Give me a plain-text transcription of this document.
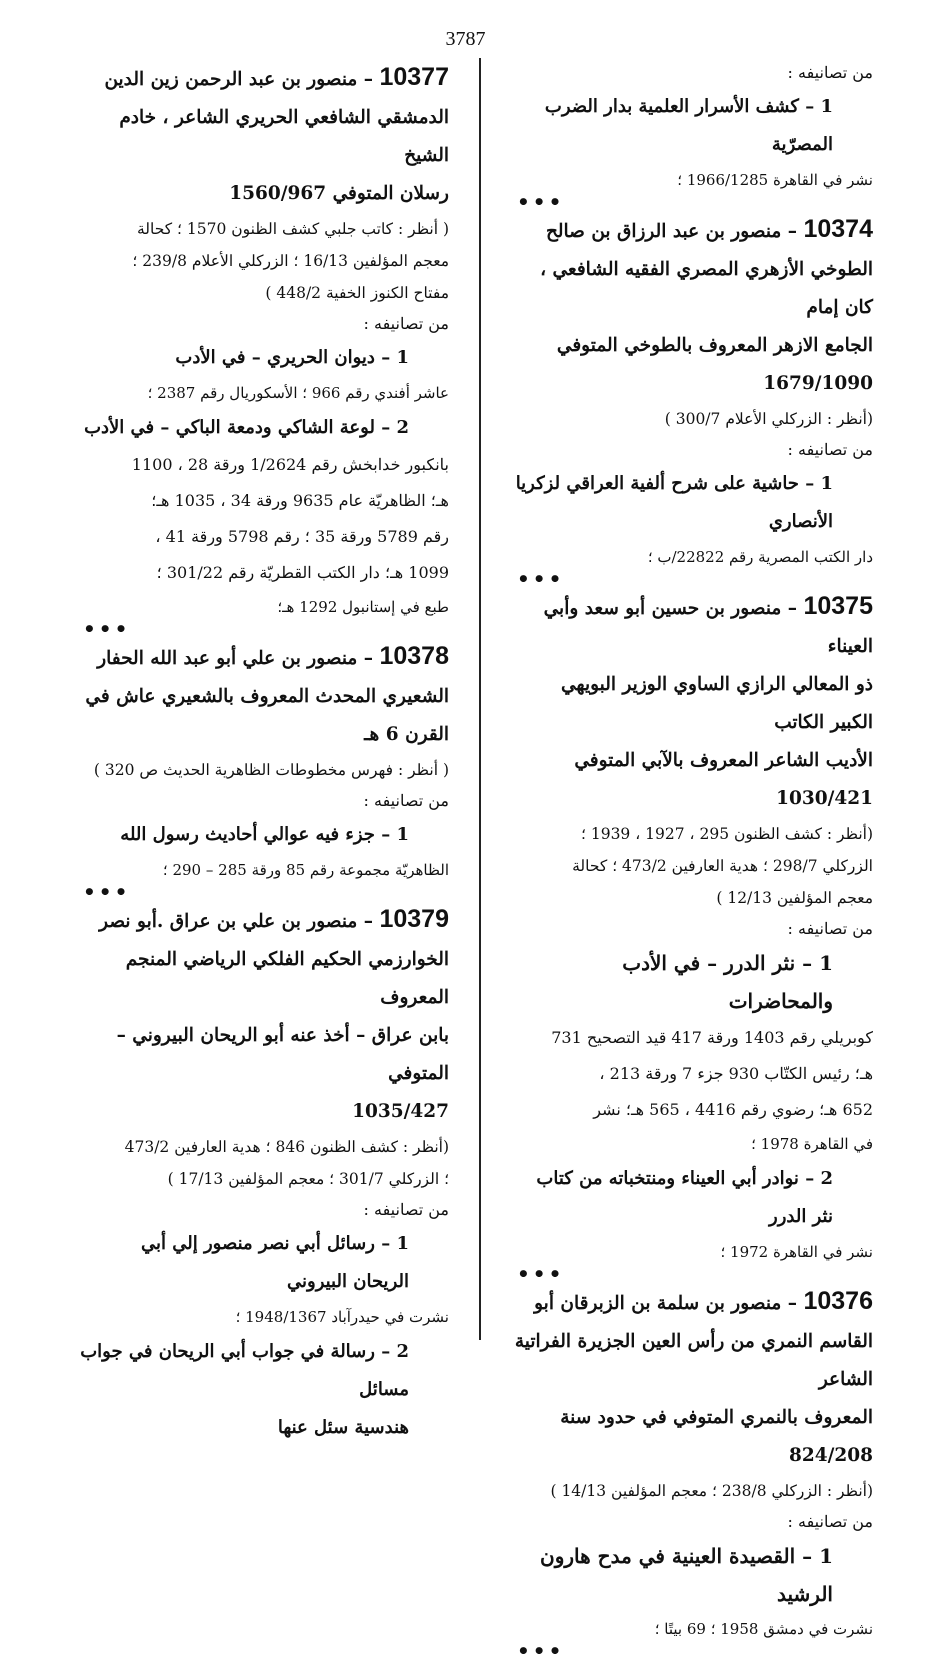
3787

من تصانيفه :

1 – كشف الأسرار العلمية بدار الضرب المصرّية

نشر في القاهرة 1966/1285 ؛

•••

10374 – منصور بن عبد الرزاق بن صالح

الطوخي الأزهري المصري الفقيه الشافعي ، كان إمام

الجامع الازهر المعروف بالطوخي المتوفي 1679/1090

(أنظر : الزركلي الأعلام 300/7 )

من تصانيفه :

1 – حاشية على شرح ألفية العراقي لزكريا الأنصاري

دار الكتب المصرية رقم 22822/ب ؛

•••

10375 – منصور بن حسين أبو سعد وأبي العيناء

ذو المعالي الرازي الساوي الوزير البويهي الكبير الكاتب

الأديب الشاعر المعروف بالآبي المتوفي 1030/421

(أنظر : كشف الظنون 295 ، 1927 ، 1939 ؛

الزركلي 298/7 ؛ هدية العارفين 473/2 ؛ كحالة

معجم المؤلفين 12/13 )

من تصانيفه :

1 – نثر الدرر – في الأدب والمحاضرات

كوبريلي رقم 1403 ورقة 417 قيد التصحيح 731

هـ؛ رئيس الكتّاب 930 جزء 7 ورقة 213 ،

652 هـ؛ رضوي رقم 4416 ، 565 هـ؛ نشر

في القاهرة 1978 ؛

2 – نوادر أبي العيناء ومنتخباته من كتاب نثر الدرر

نشر في القاهرة 1972 ؛

•••

10376 – منصور بن سلمة بن الزبرقان أبو

القاسم النمري من رأس العين الجزيرة الفراتية الشاعر

المعروف بالنمري المتوفي في حدود سنة 824/208

(أنظر : الزركلي 238/8 ؛ معجم المؤلفين 14/13 )

من تصانيفه :

1 – القصيدة العينية في مدح هارون الرشيد

نشرت في دمشق 1958 ؛ 69 بيتًا ؛

•••

10377 – منصور بن عبد الرحمن زين الدين

الدمشقي الشافعي الحريري الشاعر ، خادم الشيخ

رسلان المتوفي 1560/967

( أنظر : كاتب جلبي كشف الظنون 1570 ؛ كحالة

معجم المؤلفين 16/13 ؛ الزركلي الأعلام 239/8 ؛

مفتاح الكنوز الخفية 448/2 )

من تصانيفه :

1 – ديوان الحريري – في الأدب

عاشر أفندي رقم 966 ؛ الأسكوريال رقم 2387 ؛

2 – لوعة الشاكي ودمعة الباكي – في الأدب

بانكبور خدابخش رقم 1/2624 ورقة 28 ، 1100

هـ؛ الظاهريّة عام 9635 ورقة 34 ، 1035 هـ؛

رقم 5789 ورقة 35 ؛ رقم 5798 ورقة 41 ،

1099 هـ؛ دار الكتب القطريّة رقم 301/22 ؛

طبع في إستانبول 1292 هـ؛

•••

10378 – منصور بن علي أبو عبد الله الحفار

الشعيري المحدث المعروف بالشعيري عاش في القرن 6 هـ

( أنظر : فهرس مخطوطات الظاهرية الحديث ص 320 )

من تصانيفه :

1 – جزء فيه عوالي أحاديث رسول الله

الظاهريّة مجموعة رقم 85 ورقة 285 – 290 ؛

•••

10379 – منصور بن علي بن عراق .أبو نصر

الخوارزمي الحكيم الفلكي الرياضي المنجم المعروف

بابن عراق – أخذ عنه أبو الريحان البيروني – المتوفي

1035/427

(أنظر : كشف الظنون 846 ؛ هدية العارفين 473/2

؛ الزركلي 301/7 ؛ معجم المؤلفين 17/13 )

من تصانيفه :

1 – رسائل أبي نصر منصور إلي أبي الريحان البيروني

نشرت في حيدرآباد 1948/1367 ؛

2 – رسالة في جواب أبي الريحان في جواب مسائل

هندسية سئل عنها
